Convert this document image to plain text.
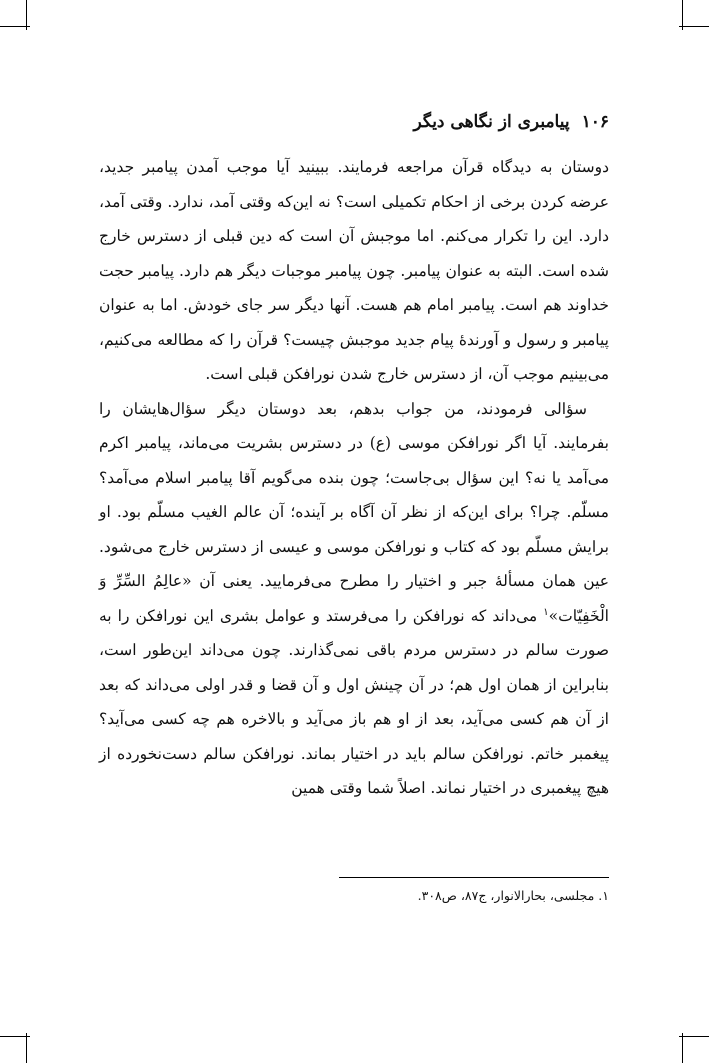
۱۰۶پیامبری از نگاهی دیگر

دوستان به دیدگاه قرآن مراجعه فرمایند. ببینید آیا موجب آمدن پیامبر جدید، عرضه کردن برخی از احکام تکمیلی است؟ نه این‌که وقتی آمد، ندارد. وقتی آمد، دارد. این را تکرار می‌کنم. اما موجبش آن است که دین قبلی از دسترس خارج شده است. البته به عنوان پیامبر. چون پیامبر موجبات دیگر هم دارد. پیامبر حجت خداوند هم است. پیامبر امام هم هست. آنها دیگر سر جای خودش. اما به عنوان پیامبر و رسول و آورندهٔ پیام جدید موجبش چیست؟ قرآن را که مطالعه می‌کنیم، می‌بینیم موجب آن، از دسترس خارج شدن نورافکن قبلی است.

سؤالی فرمودند، من جواب بدهم، بعد دوستان دیگر سؤال‌هایشان را بفرمایند. آیا اگر نورافکن موسی (ع) در دسترس بشریت می‌ماند، پیامبر اکرم می‌آمد یا نه؟ این سؤال بی‌جاست؛ چون بنده می‌گویم آقا پیامبر اسلام می‌آمد؟ مسلّم. چرا؟ برای این‌که از نظر آن آگاه بر آینده؛ آن عالم الغیب مسلّم بود. او برایش مسلّم بود که کتاب و نورافکن موسی و عیسی از دسترس خارج می‌شود. عین همان مسألهٔ جبر و اختیار را مطرح می‌فرمایید. یعنی آن «عالِمُ السِّرِّ وَ الْخَفِیّات»$^۱$ می‌داند که نورافکن را می‌فرستد و عوامل بشری این نورافکن را به صورت سالم در دسترس مردم باقی نمی‌گذارند. چون می‌داند این‌طور است، بنابراین از همان اول هم؛ در آن چینش اول و آن قضا و قدر اولی می‌داند که بعد از آن هم کسی می‌آید، بعد از او هم باز می‌آید و بالاخره هم چه کسی می‌آید؟ پیغمبر خاتم. نورافکن سالم باید در اختیار بماند. نورافکن سالم دست‌نخورده از هیچ پیغمبری در اختیار نماند. اصلاً شما وقتی همین

۱. مجلسی، بحارالانوار، ج۸۷، ص۳۰۸.
